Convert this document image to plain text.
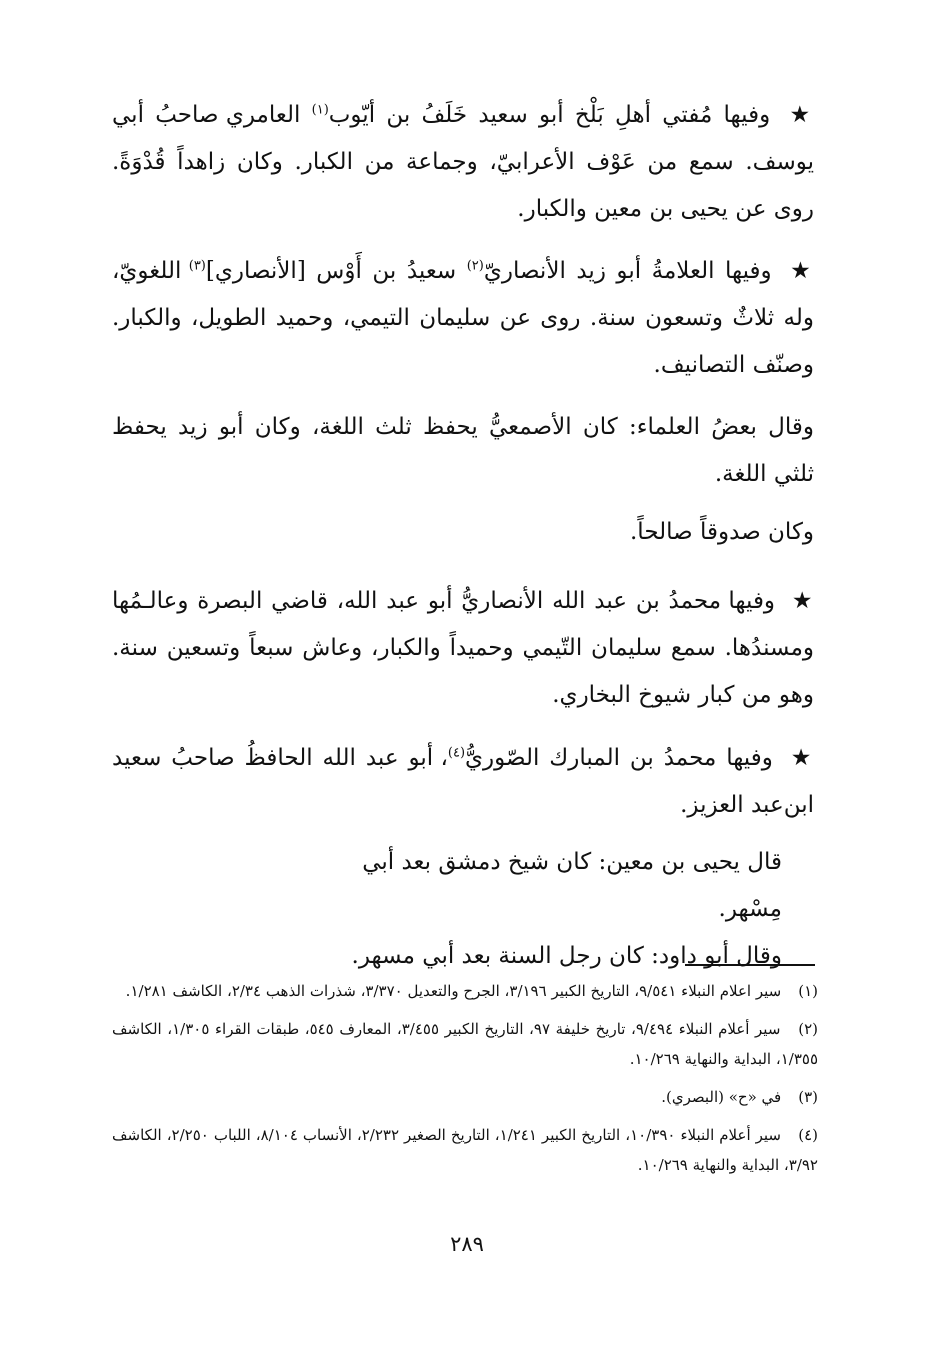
★ وفيها مُفتي أهلِ بَلْخ أبو سعيد خَلَفُ بن أيّوب$^{(١)}$ العامري صاحبُ أبي يوسف. سمع من عَوْف الأعرابيّ، وجماعة من الكبار. وكان زاهداً قُدْوَةً. روى عن يحيى بن معين والكبار.

★ وفيها العلامةُ أبو زيد الأنصاريّ$^{(٢)}$ سعيدُ بن أَوْس [الأنصاري]$^{(٣)}$ اللغويّ، وله ثلاثٌ وتسعون سنة. روى عن سليمان التيمي، وحميد الطويل، والكبار. وصنّف التصانيف.

وقال بعضُ العلماء: كان الأصمعيُّ يحفظ ثلث اللغة، وكان أبو زيد يحفظ ثلثي اللغة.

وكان صدوقاً صالحاً.

★ وفيها محمدُ بن عبد الله الأنصاريُّ أبو عبد الله، قاضي البصرة وعالـمُها ومسندُها. سمع سليمان التّيمي وحميداً والكبار، وعاش سبعاً وتسعين سنة. وهو من كبار شيوخ البخاري.

★ وفيها محمدُ بن المبارك الصّوريُّ$^{(٤)}$، أبو عبد الله الحافظُ صاحبُ سعيد ابن‌عبد العزيز.

قال يحيى بن معين: كان شيخ دمشق بعد أبي مِسْهر.
وقال أبو داود: كان رجل السنة بعد أبي مسهر.
(١) سير اعلام النبلاء ٩/٥٤١، التاريخ الكبير ٣/١٩٦، الجرح والتعديل ٣/٣٧٠، شذرات الذهب ٢/٣٤، الكاشف ١/٢٨١.
(٢) سير أعلام النبلاء ٩/٤٩٤، تاريخ خليفة ٩٧، التاريخ الكبير ٣/٤٥٥، المعارف ٥٤٥، طبقات القراء ١/٣٠٥، الكاشف ١/٣٥٥، البداية والنهاية ١٠/٢٦٩.
(٣) في «ح» (البصري).
(٤) سير أعلام النبلاء ١٠/٣٩٠، التاريخ الكبير ١/٢٤١، التاريخ الصغير ٢/٢٣٢، الأنساب ٨/١٠٤، اللباب ٢/٢٥٠، الكاشف ٣/٩٢، البداية والنهاية ١٠/٢٦٩.
٢٨٩
